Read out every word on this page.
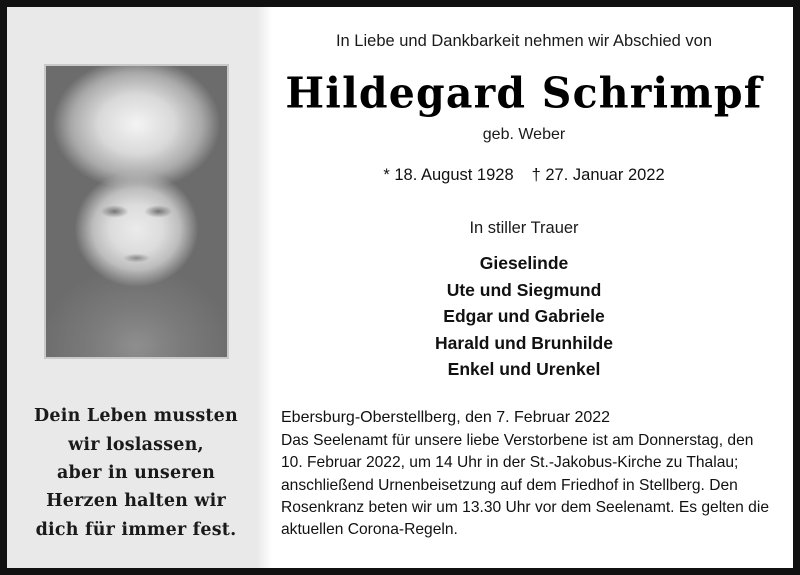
Dein Leben mussten
wir loslassen,
aber in unseren
Herzen halten wir
dich für immer fest.
In Liebe und Dankbarkeit nehmen wir Abschied von
Hildegard Schrimpf
geb. Weber
* 18. August 1928 † 27. Januar 2022
In stiller Trauer
Gieselinde
Ute und Siegmund
Edgar und Gabriele
Harald und Brunhilde
Enkel und Urenkel
Ebersburg-Oberstellberg, den 7. Februar 2022
Das Seelenamt für unsere liebe Verstorbene ist am Donnerstag, den 10. Februar 2022, um 14 Uhr in der St.-Jakobus-Kirche zu Thalau; anschließend Urnenbeisetzung auf dem Friedhof in Stellberg. Den Rosenkranz beten wir um 13.30 Uhr vor dem Seelenamt. Es gelten die aktuellen Corona-Regeln.
